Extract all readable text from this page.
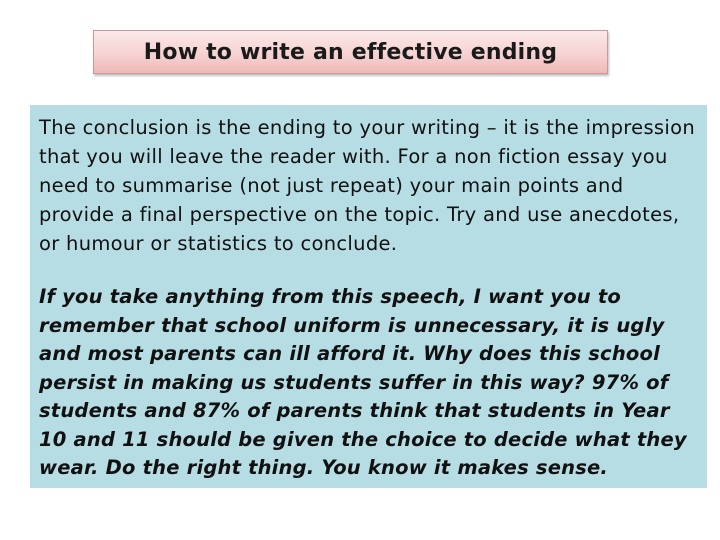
How to write an effective ending

The conclusion is the ending to your writing – it is the impression that you will leave the reader with. For a non fiction essay you need to summarise (not just repeat) your main points and provide a final perspective on the topic. Try and use anecdotes, or humour or statistics to conclude.

If you take anything from this speech, I want you to remember that school uniform is unnecessary, it is ugly and most parents can ill afford it. Why does this school persist in making us students suffer in this way? 97% of students and 87% of parents think that students in Year 10 and 11 should be given the choice to decide what they wear. Do the right thing. You know it makes sense.
